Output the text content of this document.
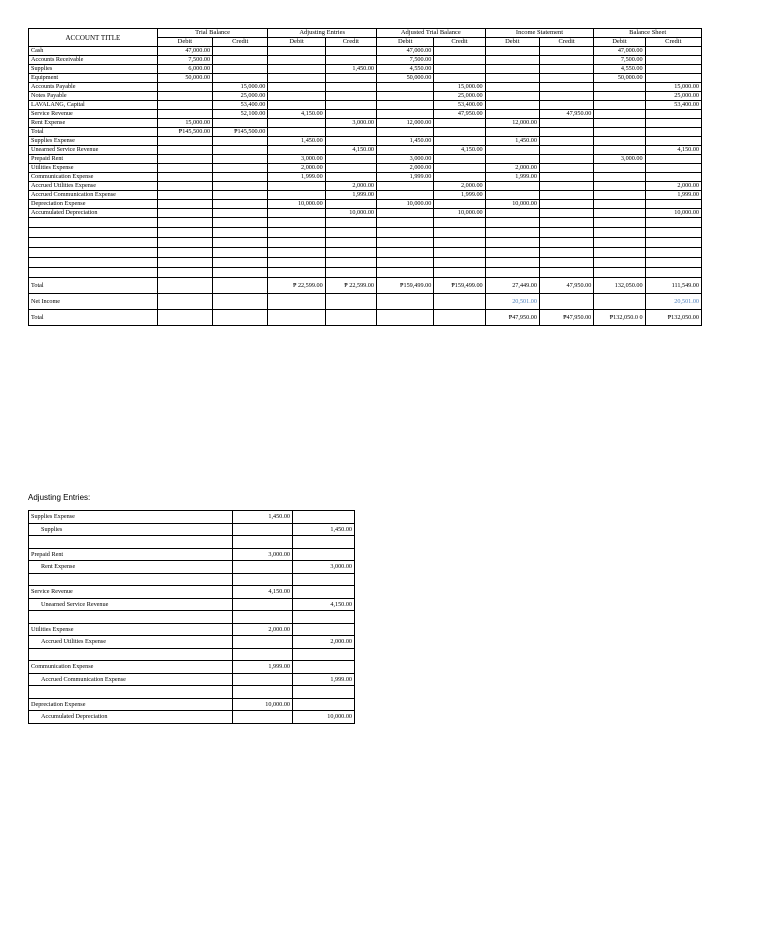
ACCOUNT TITLE	Trial Balance		Adjusting Entries		Adjusted Trial Balance		Income Statement		Balance Sheet	
	Debit	Credit	Debit	Credit	Debit	Credit	Debit	Credit	Debit	Credit
Cash	47,000.00				47,000.00				47,000.00	
Accounts Receivable	7,500.00				7,500.00				7,500.00	
Supplies	6,000.00			1,450.00	4,550.00				4,550.00	
Equipment	50,000.00				50,000.00				50,000.00	
Accounts Payable		15,000.00				15,000.00				15,000.00
Notes Payable		25,000.00				25,000.00				25,000.00
LAVALANG, Capital		53,400.00				53,400.00				53,400.00
Service Revenue		52,100.00	4,150.00			47,950.00		47,950.00		
Rent Expense	15,000.00			3,000.00	12,000.00		12,000.00			
Total	₱145,500.00	₱145,500.00								
Supplies Expense			1,450.00		1,450.00		1,450.00			
Unearned Service Revenue				4,150.00		4,150.00				4,150.00
Prepaid Rent			3,000.00		3,000.00				3,000.00	
Utilities Expense			2,000.00		2,000.00		2,000.00			
Communication Expense			1,999.00		1,999.00		1,999.00			
Accrued Utilities Expense				2,000.00		2,000.00				2,000.00
Accrued Communication Expense				1,999.00		1,999.00				1,999.00
Depreciation Expense			10,000.00		10,000.00		10,000.00			
Accumulated Depreciation				10,000.00		10,000.00				10,000.00

Total			₱ 22,599.00	₱ 22,599.00	₱159,499.00	₱159,499.00	27,449.00	47,950.00	132,050.00	111,549.00
Net Income							20,501.00			20,501.00
Total							₱47,950.00	₱47,950.00	₱132,050.0 0	₱132,050.00
Adjusting Entries:
Supplies Expense	1,450.00	
Supplies		1,450.00

Prepaid Rent	3,000.00	
Rent Expense		3,000.00

Service Revenue	4,150.00	
Unearned Service Revenue		4,150.00

Utilities Expense	2,000.00	
Accrued Utilities Expense		2,000.00

Communication Expense	1,999.00	
Accrued Communication Expense		1,999.00

Depreciation Expense	10,000.00	
Accumulated Depreciation		10,000.00
